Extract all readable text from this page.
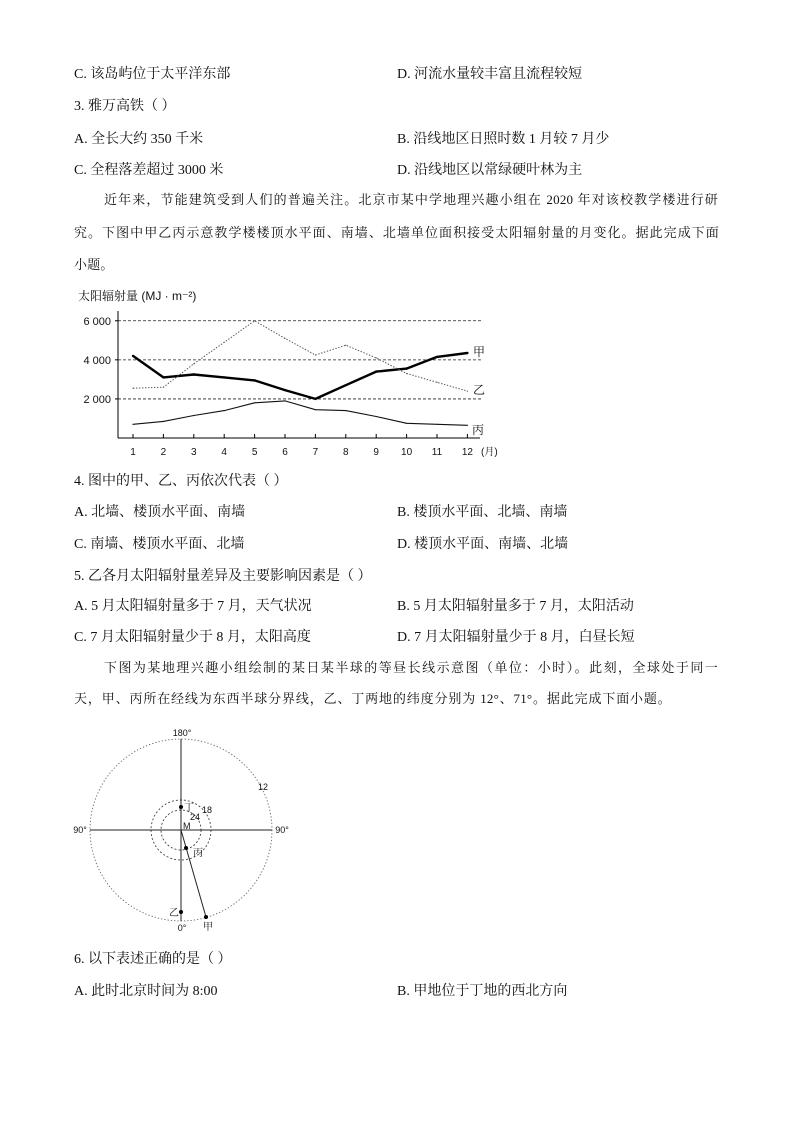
C. 该岛屿位于太平洋东部	D. 河流水量较丰富且流程较短
3. 雅万高铁（ ）
A. 全长大约 350 千米	B. 沿线地区日照时数 1 月较 7 月少
C. 全程落差超过 3000 米	D. 沿线地区以常绿硬叶林为主
近年来，节能建筑受到人们的普遍关注。北京市某中学地理兴趣小组在 2020 年对该校教学楼进行研
究。下图中甲乙丙示意教学楼楼顶水平面、南墙、北墙单位面积接受太阳辐射量的月变化。据此完成下面
小题。
太阳辐射量 (MJ · m⁻²)
2 000
4 000
6 000
1 2 3 4 5 6 7 8 9 10 11 12
甲
乙
丙
(月)
4. 图中的甲、乙、丙依次代表（ ）
A. 北墙、楼顶水平面、南墙	B. 楼顶水平面、北墙、南墙
C. 南墙、楼顶水平面、北墙	D. 楼顶水平面、南墙、北墙
5. 乙各月太阳辐射量差异及主要影响因素是（ ）
A. 5 月太阳辐射量多于 7 月，天气状况	B. 5 月太阳辐射量多于 7 月，太阳活动
C. 7 月太阳辐射量少于 8 月，太阳高度	D. 7 月太阳辐射量少于 8 月，白昼长短
下图为某地理兴趣小组绘制的某日某半球的等昼长线示意图（单位：小时）。此刻，全球处于同一
天，甲、丙所在经线为东西半球分界线，乙、丁两地的纬度分别为 12°、71°。据此完成下面小题。
180°
0°
90°	90°
12
18
24
丁
M
丙
乙
甲
6. 以下表述正确的是（ ）
A. 此时北京时间为 8:00	B. 甲地位于丁地的西北方向
